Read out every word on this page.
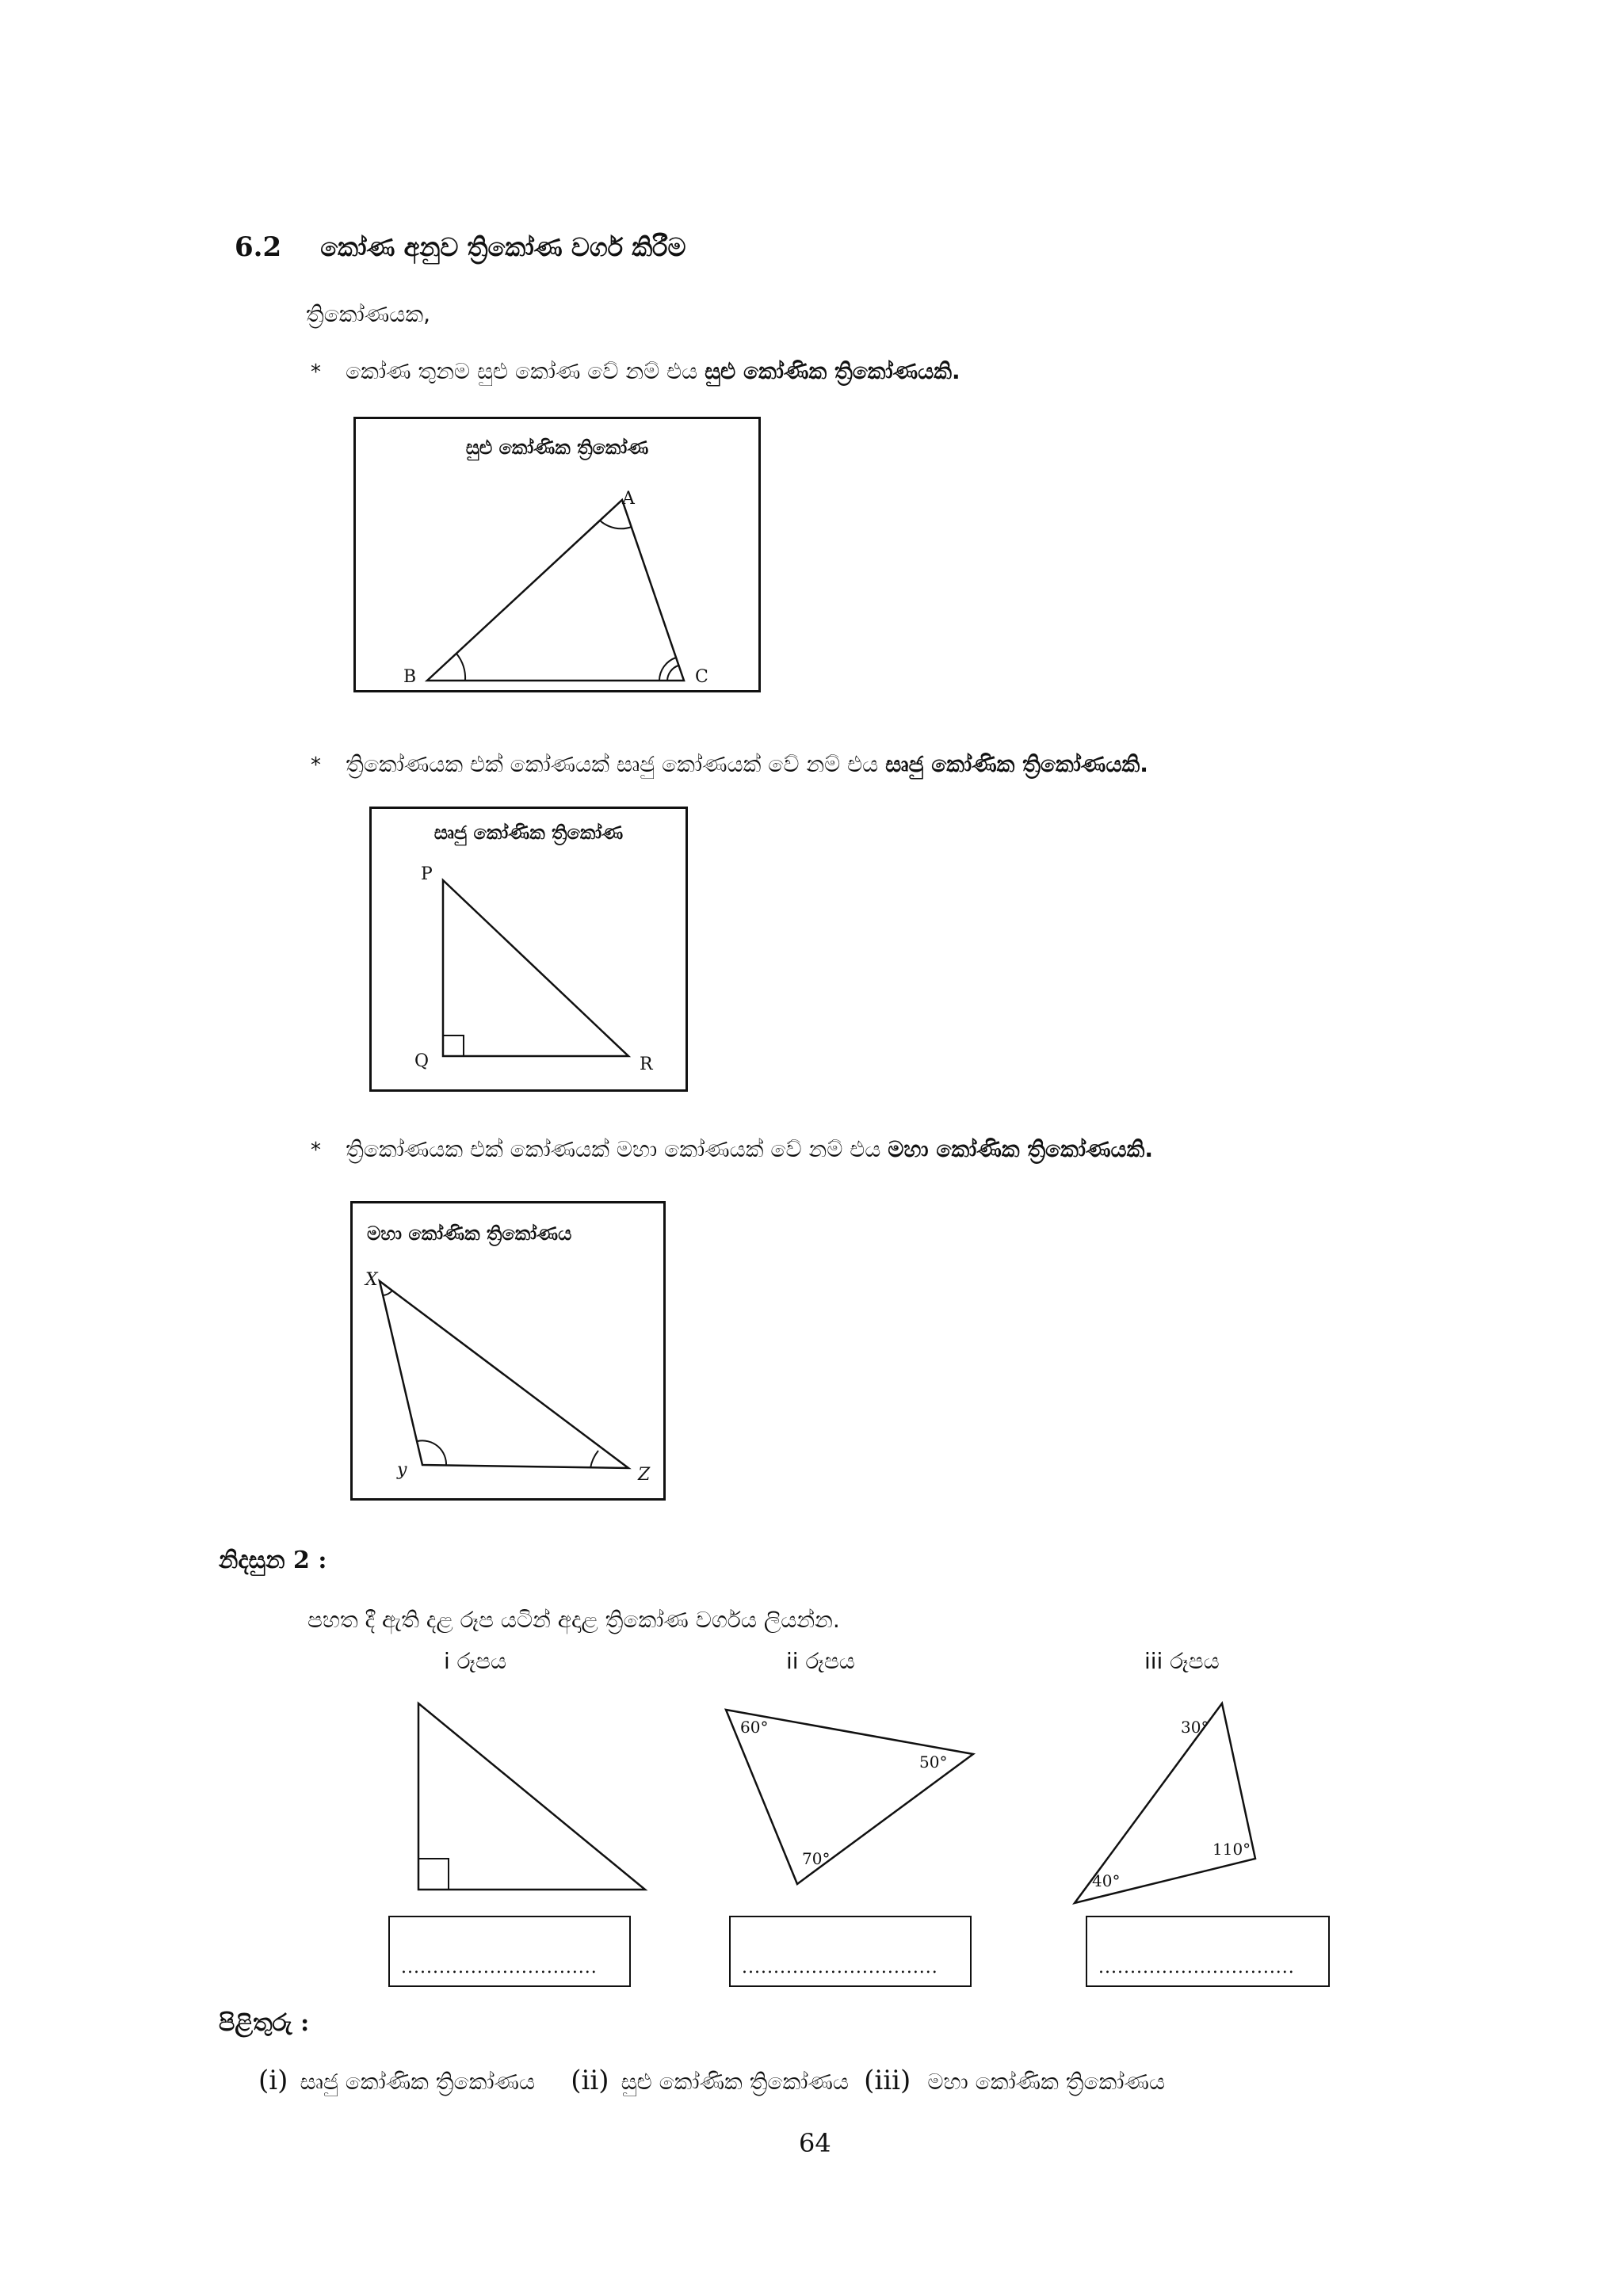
6.2 කෝණ අනුව ත්‍රිකෝණ වර්ග කිරීම
ත්‍රිකෝණයක,
* කෝණ තුනම සුළු කෝණ වේ නම් එය සුළු කෝණික ත්‍රිකෝණයකි.
සුළු කෝණික ත්‍රිකෝණ
A
B	C
* ත්‍රිකෝණයක එක් කෝණයක් සෘජු කෝණයක් වේ නම් එය සෘජු කෝණික ත්‍රිකෝණයකි.
සෘජු කෝණික ත්‍රිකෝණ
P
Q	R
* ත්‍රිකෝණයක එක් කෝණයක් මහා කෝණයක් වේ නම් එය මහා කෝණික ත්‍රිකෝණයකි.
මහා කෝණික ත්‍රිකෝණය
X
y	Z
නිදසුන 2 :
පහත දී ඇති දළ රූප යටින් අදාළ ත්‍රිකෝණ වර්ගය ලියන්න.
i රූපය	ii රූපය	iii රූපය
60°
50°
70°
30°
110°
40°
...............................	...............................	...............................
පිළිතුරු :
(i) සෘජු කෝණික ත්‍රිකෝණය (ii) සුළු කෝණික ත්‍රිකෝණය (iii) මහා කෝණික ත්‍රිකෝණය
64
